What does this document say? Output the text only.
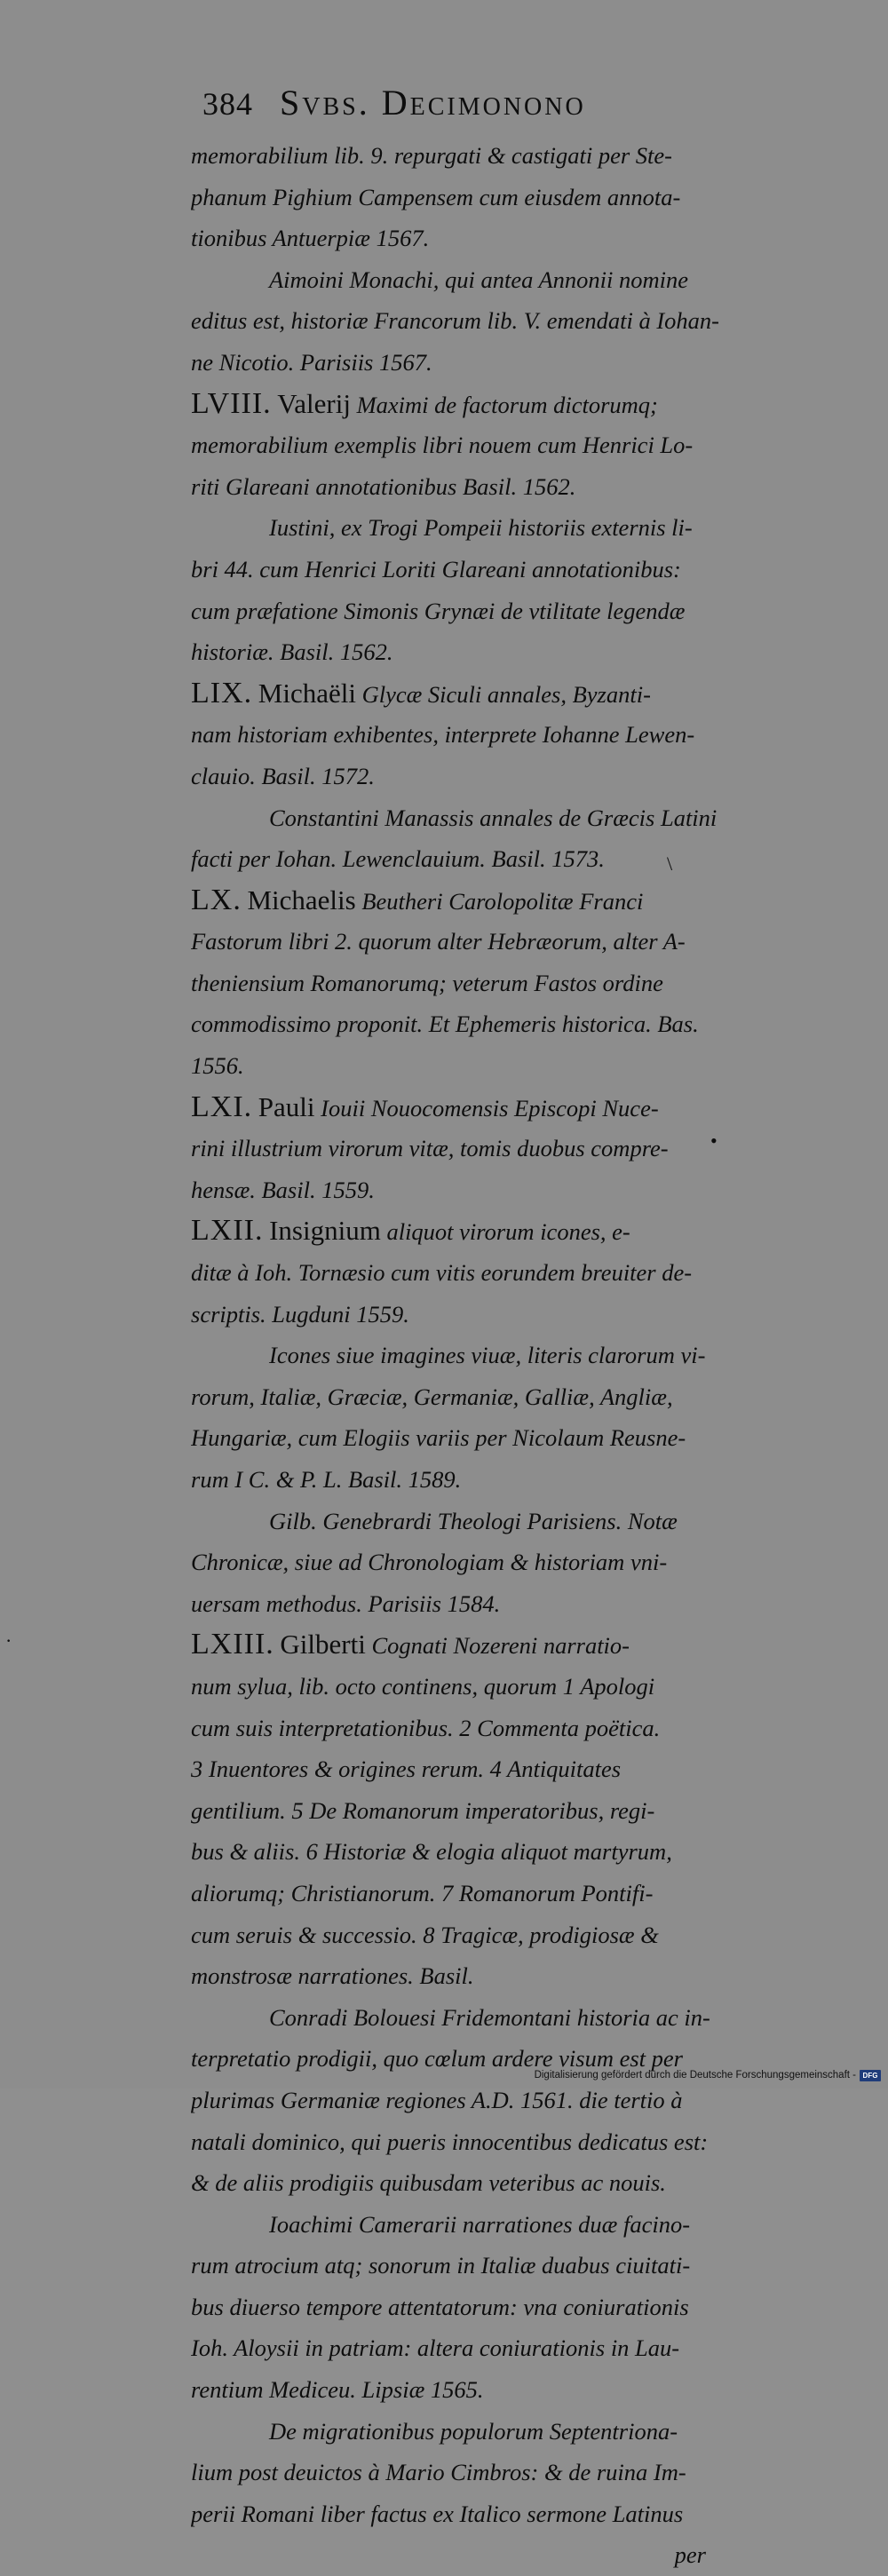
384 Svbs. Decimonono
memorabilium lib. 9. repurgati & castigati per Ste-
phanum Pighium Campensem cum eiusdem annota-
tionibus Antuerpiæ 1567.
Aimoini Monachi, qui antea Annonii nomine
editus est, historiæ Francorum lib. V. emendati à Iohan-
ne Nicotio. Parisiis 1567.
LVIII. Valerij Maximi de factorum dictorumq;
memorabilium exemplis libri nouem cum Henrici Lo-
riti Glareani annotationibus Basil. 1562.
Iustini, ex Trogi Pompeii historiis externis li-
bri 44. cum Henrici Loriti Glareani annotationibus:
cum præfatione Simonis Grynæi de vtilitate legendæ
historiæ. Basil. 1562.
LIX. Michaëli Glycæ Siculi annales, Byzanti-
nam historiam exhibentes, interprete Iohanne Lewen-
clauio. Basil. 1572.
Constantini Manassis annales de Græcis Latini
facti per Iohan. Lewenclauium. Basil. 1573.
LX. Michaelis Beutheri Carolopolitæ Franci
Fastorum libri 2. quorum alter Hebræorum, alter A-
theniensium Romanorumq; veterum Fastos ordine
commodissimo proponit. Et Ephemeris historica. Bas.
1556.
LXI. Pauli Iouii Nouocomensis Episcopi Nuce-
rini illustrium virorum vitæ, tomis duobus compre-
hensæ. Basil. 1559.
LXII. Insignium aliquot virorum icones, e-
ditæ à Ioh. Tornæsio cum vitis eorundem breuiter de-
scriptis. Lugduni 1559.
Icones siue imagines viuæ, literis clarorum vi-
rorum, Italiæ, Græciæ, Germaniæ, Galliæ, Angliæ,
Hungariæ, cum Elogiis variis per Nicolaum Reusne-
rum I C. & P. L. Basil. 1589.
Gilb. Genebrardi Theologi Parisiens. Notæ
Chronicæ, siue ad Chronologiam & historiam vni-
uersam methodus. Parisiis 1584.
LXIII. Gilberti Cognati Nozereni narratio-
num sylua, lib. octo continens, quorum 1 Apologi
cum suis interpretationibus. 2 Commenta poëtica.
3 Inuentores & origines rerum. 4 Antiquitates
gentilium. 5 De Romanorum imperatoribus, regi-
bus & aliis. 6 Historiæ & elogia aliquot martyrum,
aliorumq; Christianorum. 7 Romanorum Pontifi-
cum seruis & successio. 8 Tragicæ, prodigiosæ &
monstrosæ narrationes. Basil.
Conradi Bolouesi Fridemontani historia ac in-
terpretatio prodigii, quo cœlum ardere visum est per
plurimas Germaniæ regiones A.D. 1561. die tertio à
natali dominico, qui pueris innocentibus dedicatus est:
& de aliis prodigiis quibusdam veteribus ac nouis.
Ioachimi Camerarii narrationes duæ facino-
rum atrocium atq; sonorum in Italiæ duabus ciuitati-
bus diuerso tempore attentatorum: vna coniurationis
Ioh. Aloysii in patriam: altera coniurationis in Lau-
rentium Mediceu. Lipsiæ 1565.
De migrationibus populorum Septentriona-
lium post deuictos à Mario Cimbros: & de ruina Im-
perii Romani liber factus ex Italico sermone Latinus
per
\
•
·
Digitalisierung gefördert durch die Deutsche Forschungsgemeinschaft - DFG
